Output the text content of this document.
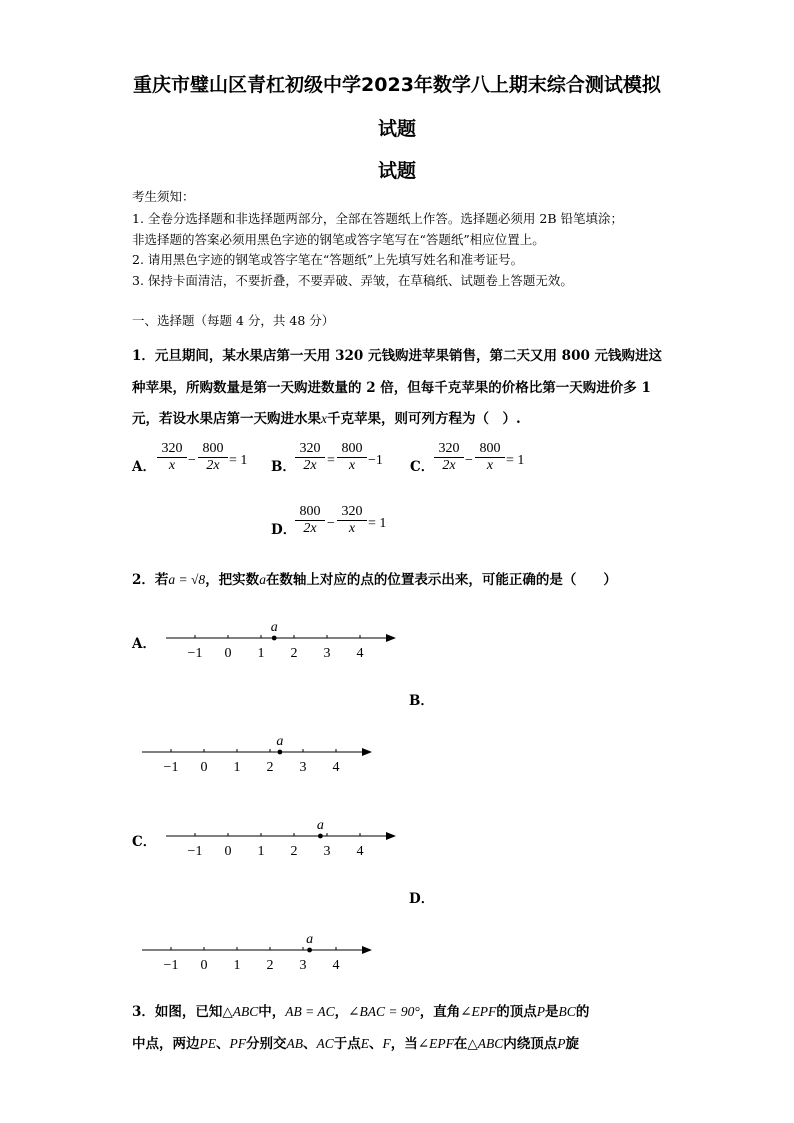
重庆市璧山区青杠初级中学2023年数学八上期末综合测试模拟
试题
试题
考生须知：
1. 全卷分选择题和非选择题两部分，全部在答题纸上作答。选择题必须用 2B 铅笔填涂；
非选择题的答案必须用黑色字迹的钢笔或答字笔写在“答题纸”相应位置上。
2. 请用黑色字迹的钢笔或答字笔在“答题纸”上先填写姓名和准考证号。
3. 保持卡面清洁，不要折叠，不要弄破、弄皱，在草稿纸、试题卷上答题无效。
一、选择题（每题 4 分，共 48 分）
1．元旦期间，某水果店第一天用 320 元钱购进苹果销售，第二天又用 800 元钱购进这
种苹果，所购数量是第一天购进数量的 2 倍，但每千克苹果的价格比第一天购进价多 1
元，若设水果店第一天购进水果x千克苹果，则可列方程为（　）.
A．
320
x −
800
2x = 1 B．
320
2x =
800
x −1 C．
320
2x −
800
x = 1
D．
800
2x −
320
x = 1
2．若a = √8，把实数a在数轴上对应的点的位置表示出来，可能正确的是（　　）
A．
B．
C．
D．
−1 0 1 2 3 4
a
−1 0 1 2 3 4
a
−1 0 1 2 3 4
a
−1 0 1 2 3 4
a
3．如图，已知△ABC中，AB = AC，∠BAC = 90°，直角∠EPF的顶点P是BC的
中点，两边PE、PF分别交AB、AC于点E、F，当∠EPF在△ABC内绕顶点P旋
